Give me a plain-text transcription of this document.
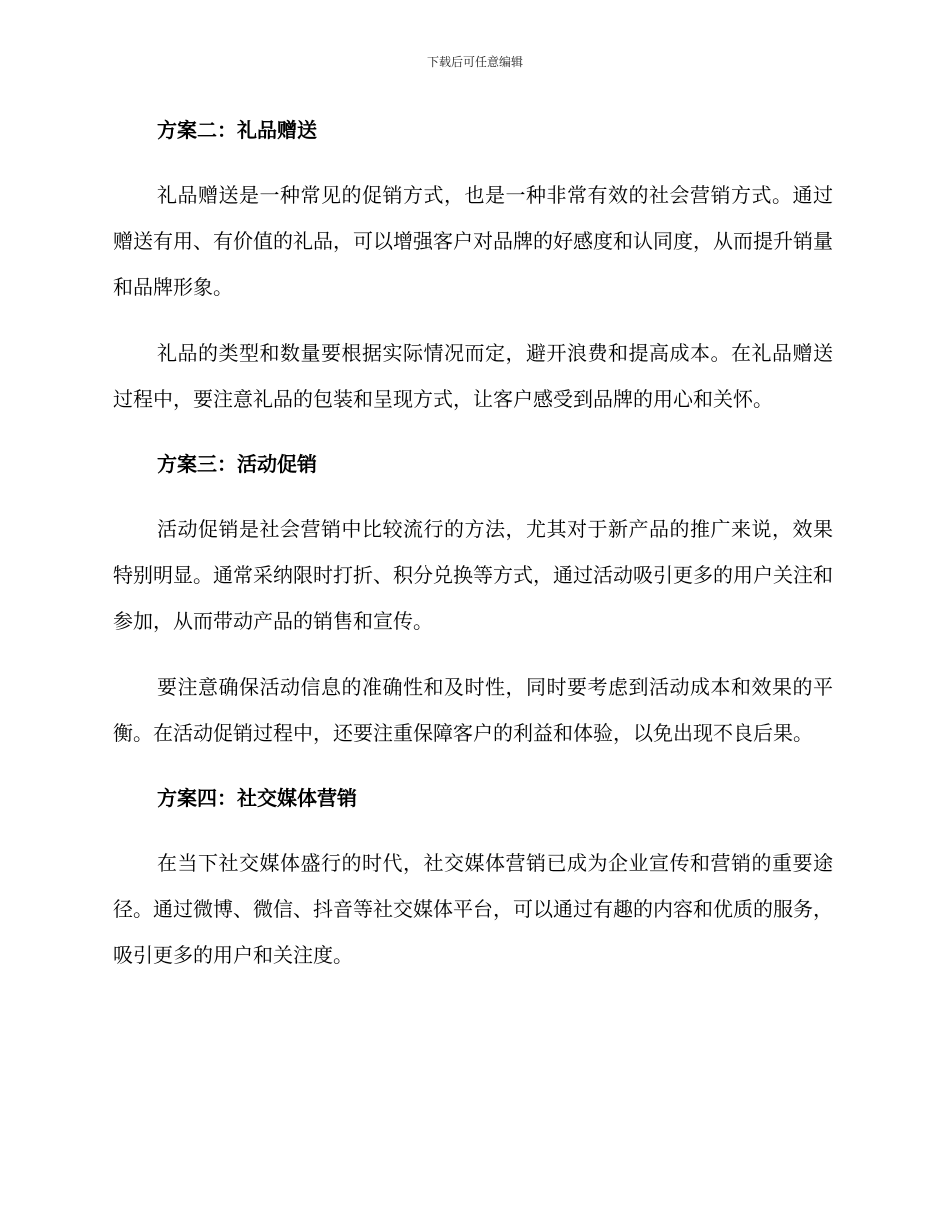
下载后可任意编辑
方案二：礼品赠送
礼品赠送是一种常见的促销方式，也是一种非常有效的社会营销方式。通过赠送有用、有价值的礼品，可以增强客户对品牌的好感度和认同度，从而提升销量和品牌形象。
礼品的类型和数量要根据实际情况而定，避开浪费和提高成本。在礼品赠送过程中，要注意礼品的包装和呈现方式，让客户感受到品牌的用心和关怀。
方案三：活动促销
活动促销是社会营销中比较流行的方法，尤其对于新产品的推广来说，效果特别明显。通常采纳限时打折、积分兑换等方式，通过活动吸引更多的用户关注和参加，从而带动产品的销售和宣传。
要注意确保活动信息的准确性和及时性，同时要考虑到活动成本和效果的平衡。在活动促销过程中，还要注重保障客户的利益和体验，以免出现不良后果。
方案四：社交媒体营销
在当下社交媒体盛行的时代，社交媒体营销已成为企业宣传和营销的重要途径。通过微博、微信、抖音等社交媒体平台，可以通过有趣的内容和优质的服务，吸引更多的用户和关注度。
